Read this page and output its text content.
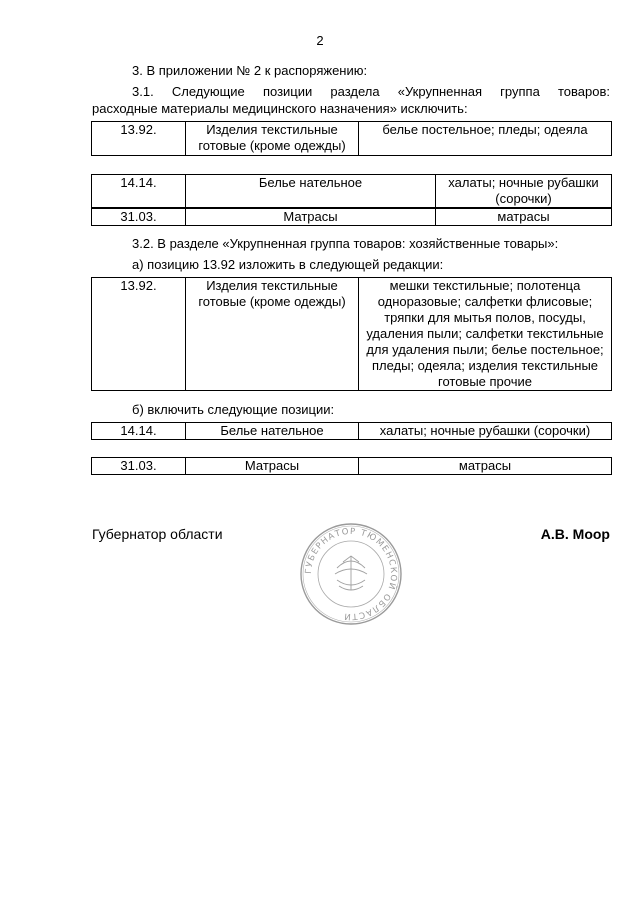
2
3. В приложении № 2 к распоряжению:
3.1. Следующие позиции раздела «Укрупненная группа товаров:
расходные материалы медицинского назначения» исключить:
13.92.	Изделия текстильные готовые (кроме одежды)	белье постельное; пледы; одеяла
14.14.	Белье нательное	халаты; ночные рубашки (сорочки)
31.03.	Матрасы	матрасы
3.2. В разделе «Укрупненная группа товаров: хозяйственные товары»:
а) позицию 13.92 изложить в следующей редакции:
13.92.	Изделия текстильные готовые (кроме одежды)	мешки текстильные; полотенца одноразовые; салфетки флисовые; тряпки для мытья полов, посуды, удаления пыли; салфетки текстильные для удаления пыли; белье постельное; пледы; одеяла; изделия текстильные готовые прочие
б) включить следующие позиции:
14.14.	Белье нательное	халаты; ночные рубашки (сорочки)
31.03.	Матрасы	матрасы
Губернатор области	А.В. Моор
ГУБЕРНАТОР ТЮМЕНСКОЙ ОБЛАСТИ
